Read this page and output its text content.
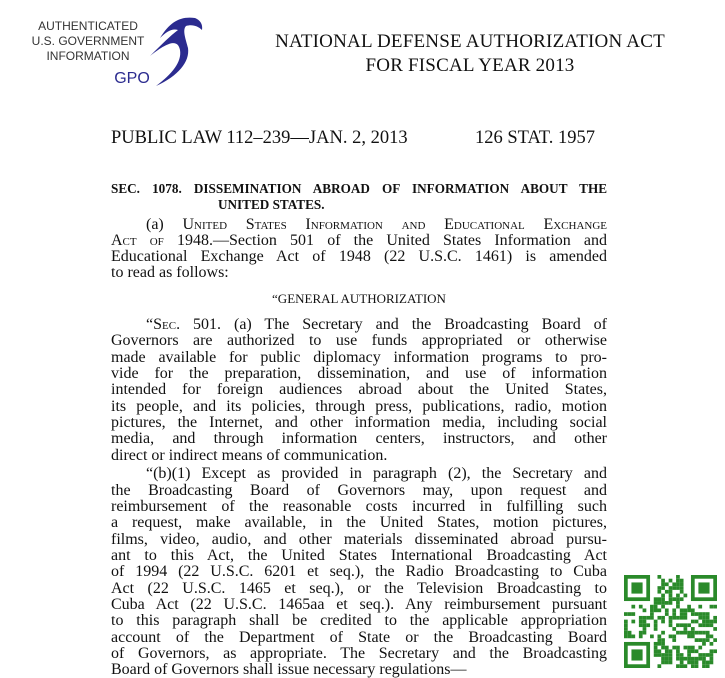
AUTHENTICATED
U.S. GOVERNMENT
INFORMATION
GPO
NATIONAL DEFENSE AUTHORIZATION ACT
FOR FISCAL YEAR 2013
PUBLIC LAW 112–239—JAN. 2, 2013	126 STAT. 1957
SEC. 1078. DISSEMINATION ABROAD OF INFORMATION ABOUT THE
UNITED STATES.
(a) United States Information and Educational Exchange
Act of 1948.—Section 501 of the United States Information and
Educational Exchange Act of 1948 (22 U.S.C. 1461) is amended
to read as follows:
“GENERAL AUTHORIZATION
“Sec. 501. (a) The Secretary and the Broadcasting Board of
Governors are authorized to use funds appropriated or otherwise
made available for public diplomacy information programs to pro-
vide for the preparation, dissemination, and use of information
intended for foreign audiences abroad about the United States,
its people, and its policies, through press, publications, radio, motion
pictures, the Internet, and other information media, including social
media, and through information centers, instructors, and other
direct or indirect means of communication.
“(b)(1) Except as provided in paragraph (2), the Secretary and
the Broadcasting Board of Governors may, upon request and
reimbursement of the reasonable costs incurred in fulfilling such
a request, make available, in the United States, motion pictures,
films, video, audio, and other materials disseminated abroad pursu-
ant to this Act, the United States International Broadcasting Act
of 1994 (22 U.S.C. 6201 et seq.), the Radio Broadcasting to Cuba
Act (22 U.S.C. 1465 et seq.), or the Television Broadcasting to
Cuba Act (22 U.S.C. 1465aa et seq.). Any reimbursement pursuant
to this paragraph shall be credited to the applicable appropriation
account of the Department of State or the Broadcasting Board
of Governors, as appropriate. The Secretary and the Broadcasting
Board of Governors shall issue necessary regulations—
